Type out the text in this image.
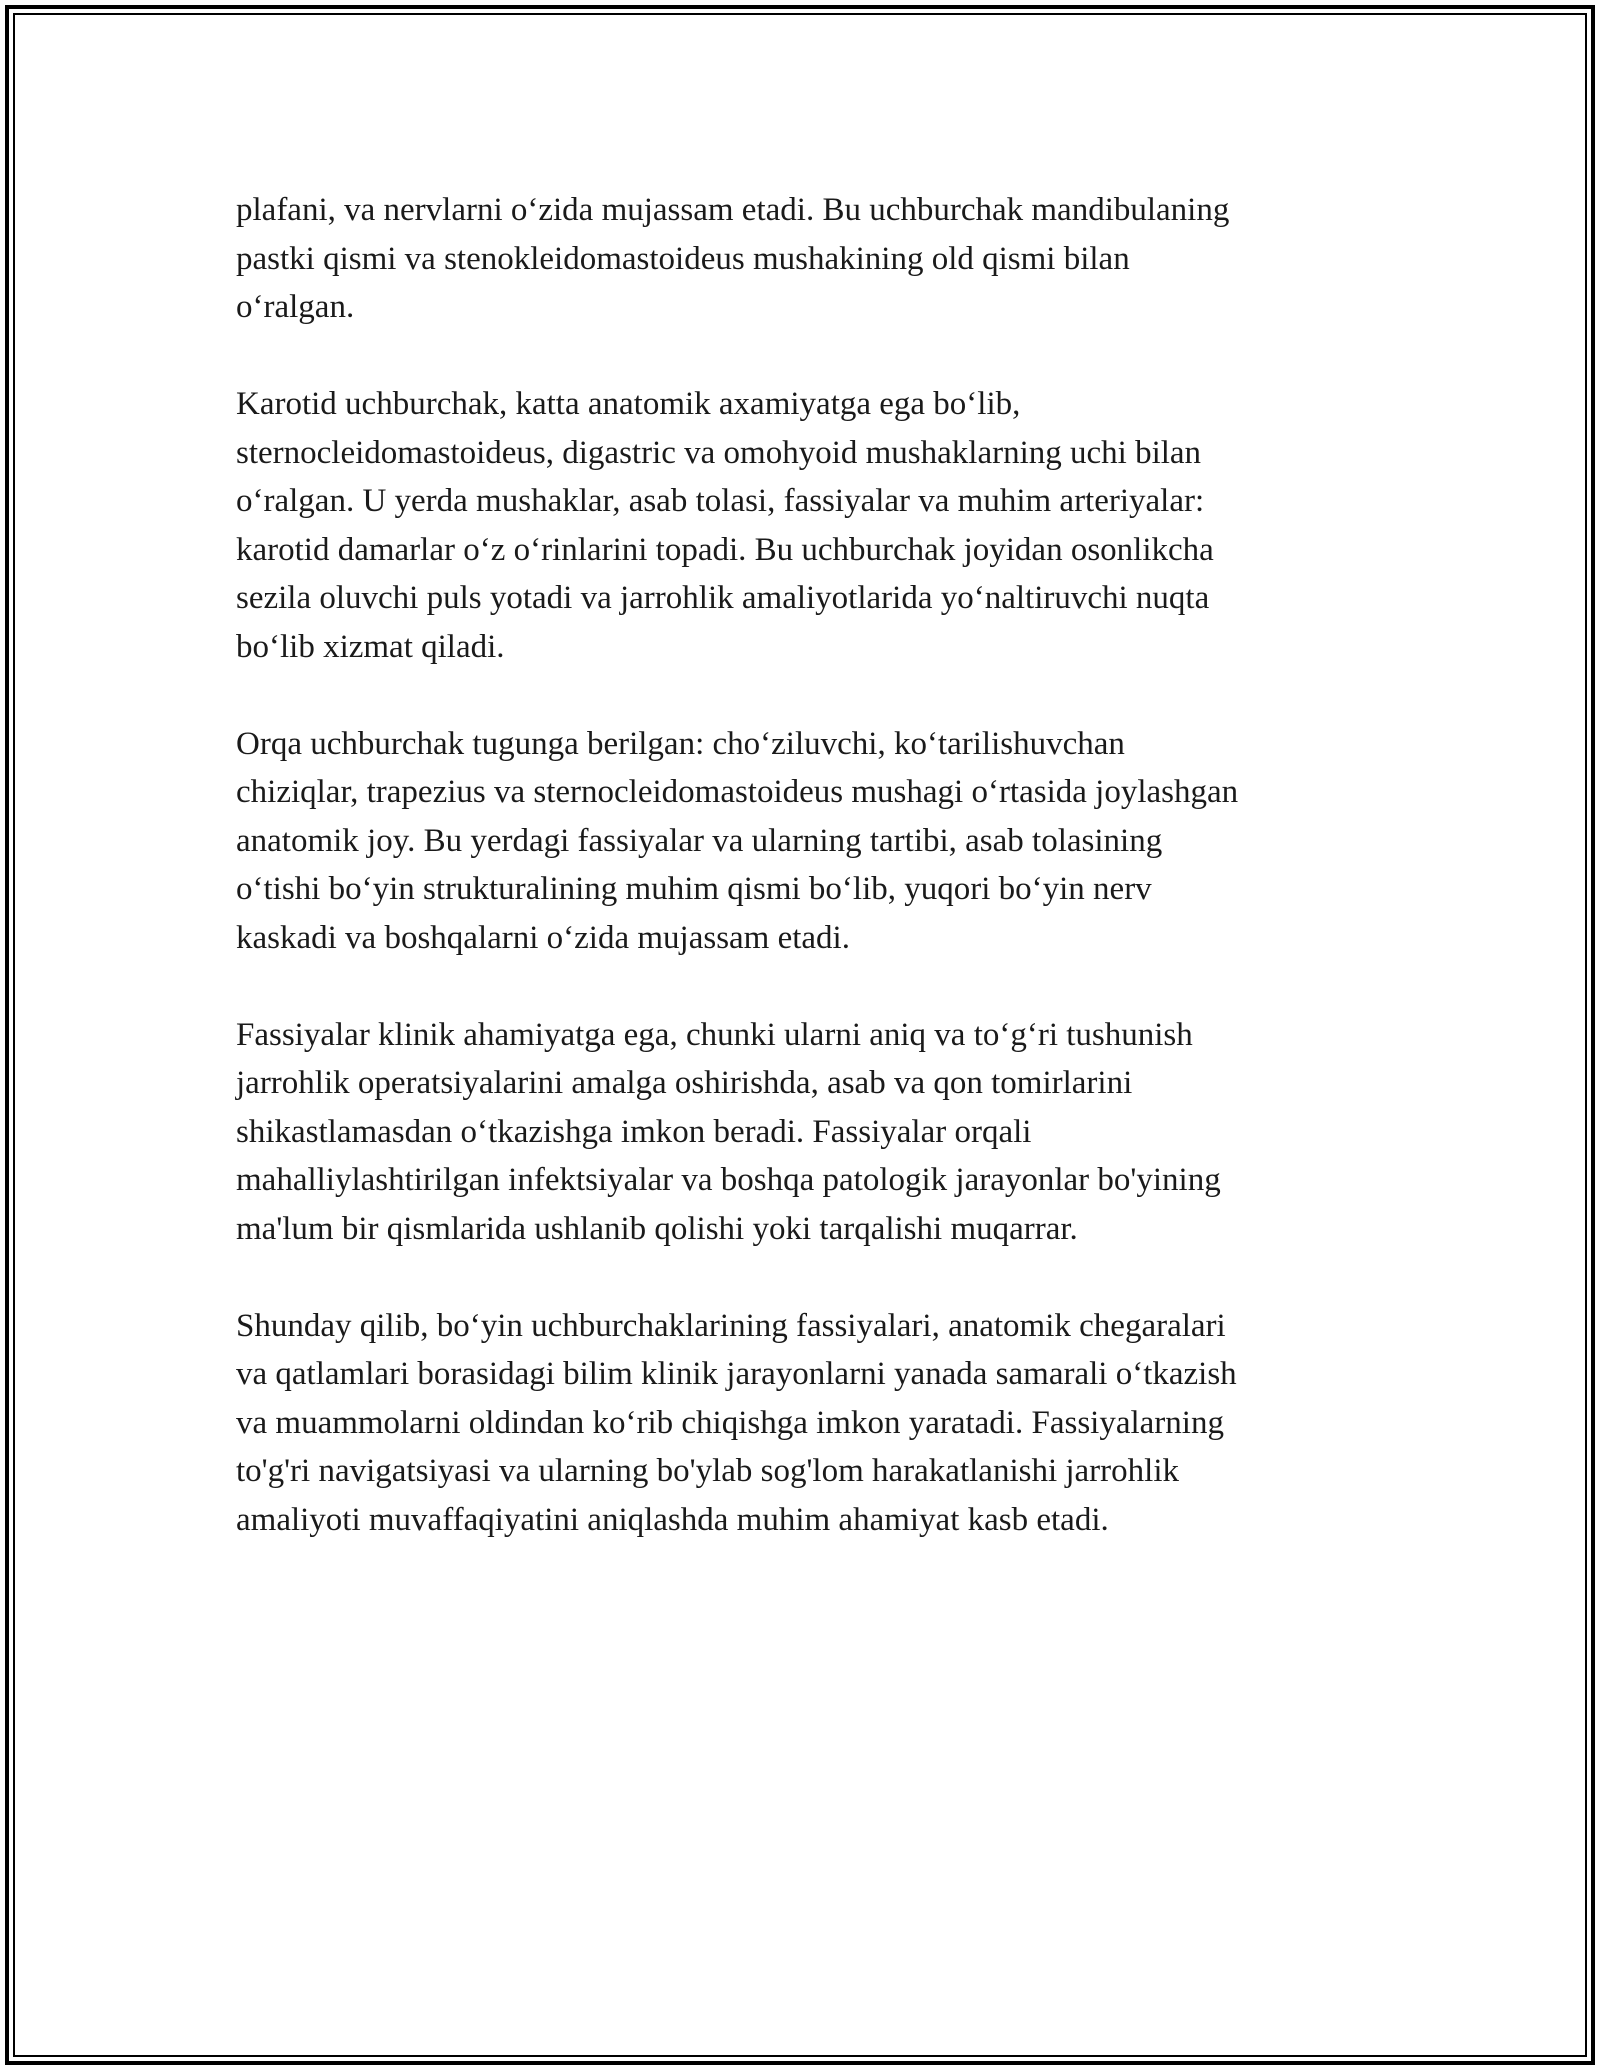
plafani, va nervlarni o‘zida mujassam etadi. Bu uchburchak mandibulaning
pastki qismi va stenokleidomastoideus mushakining old qismi bilan
o‘ralgan.

Karotid uchburchak, katta anatomik axamiyatga ega bo‘lib,
sternocleidomastoideus, digastric va omohyoid mushaklarning uchi bilan
o‘ralgan. U yerda mushaklar, asab tolasi, fassiyalar va muhim arteriyalar:
karotid damarlar o‘z o‘rinlarini topadi. Bu uchburchak joyidan osonlikcha
sezila oluvchi puls yotadi va jarrohlik amaliyotlarida yo‘naltiruvchi nuqta
bo‘lib xizmat qiladi.

Orqa uchburchak tugunga berilgan: cho‘ziluvchi, ko‘tarilishuvchan
chiziqlar, trapezius va sternocleidomastoideus mushagi o‘rtasida joylashgan
anatomik joy. Bu yerdagi fassiyalar va ularning tartibi, asab tolasining
o‘tishi bo‘yin strukturalining muhim qismi bo‘lib, yuqori bo‘yin nerv
kaskadi va boshqalarni o‘zida mujassam etadi.

Fassiyalar klinik ahamiyatga ega, chunki ularni aniq va to‘g‘ri tushunish
jarrohlik operatsiyalarini amalga oshirishda, asab va qon tomirlarini
shikastlamasdan o‘tkazishga imkon beradi. Fassiyalar orqali
mahalliylashtirilgan infektsiyalar va boshqa patologik jarayonlar bo'yining
ma'lum bir qismlarida ushlanib qolishi yoki tarqalishi muqarrar.

Shunday qilib, bo‘yin uchburchaklarining fassiyalari, anatomik chegaralari
va qatlamlari borasidagi bilim klinik jarayonlarni yanada samarali o‘tkazish
va muammolarni oldindan ko‘rib chiqishga imkon yaratadi. Fassiyalarning
to'g'ri navigatsiyasi va ularning bo'ylab sog'lom harakatlanishi jarrohlik
amaliyoti muvaffaqiyatini aniqlashda muhim ahamiyat kasb etadi.
